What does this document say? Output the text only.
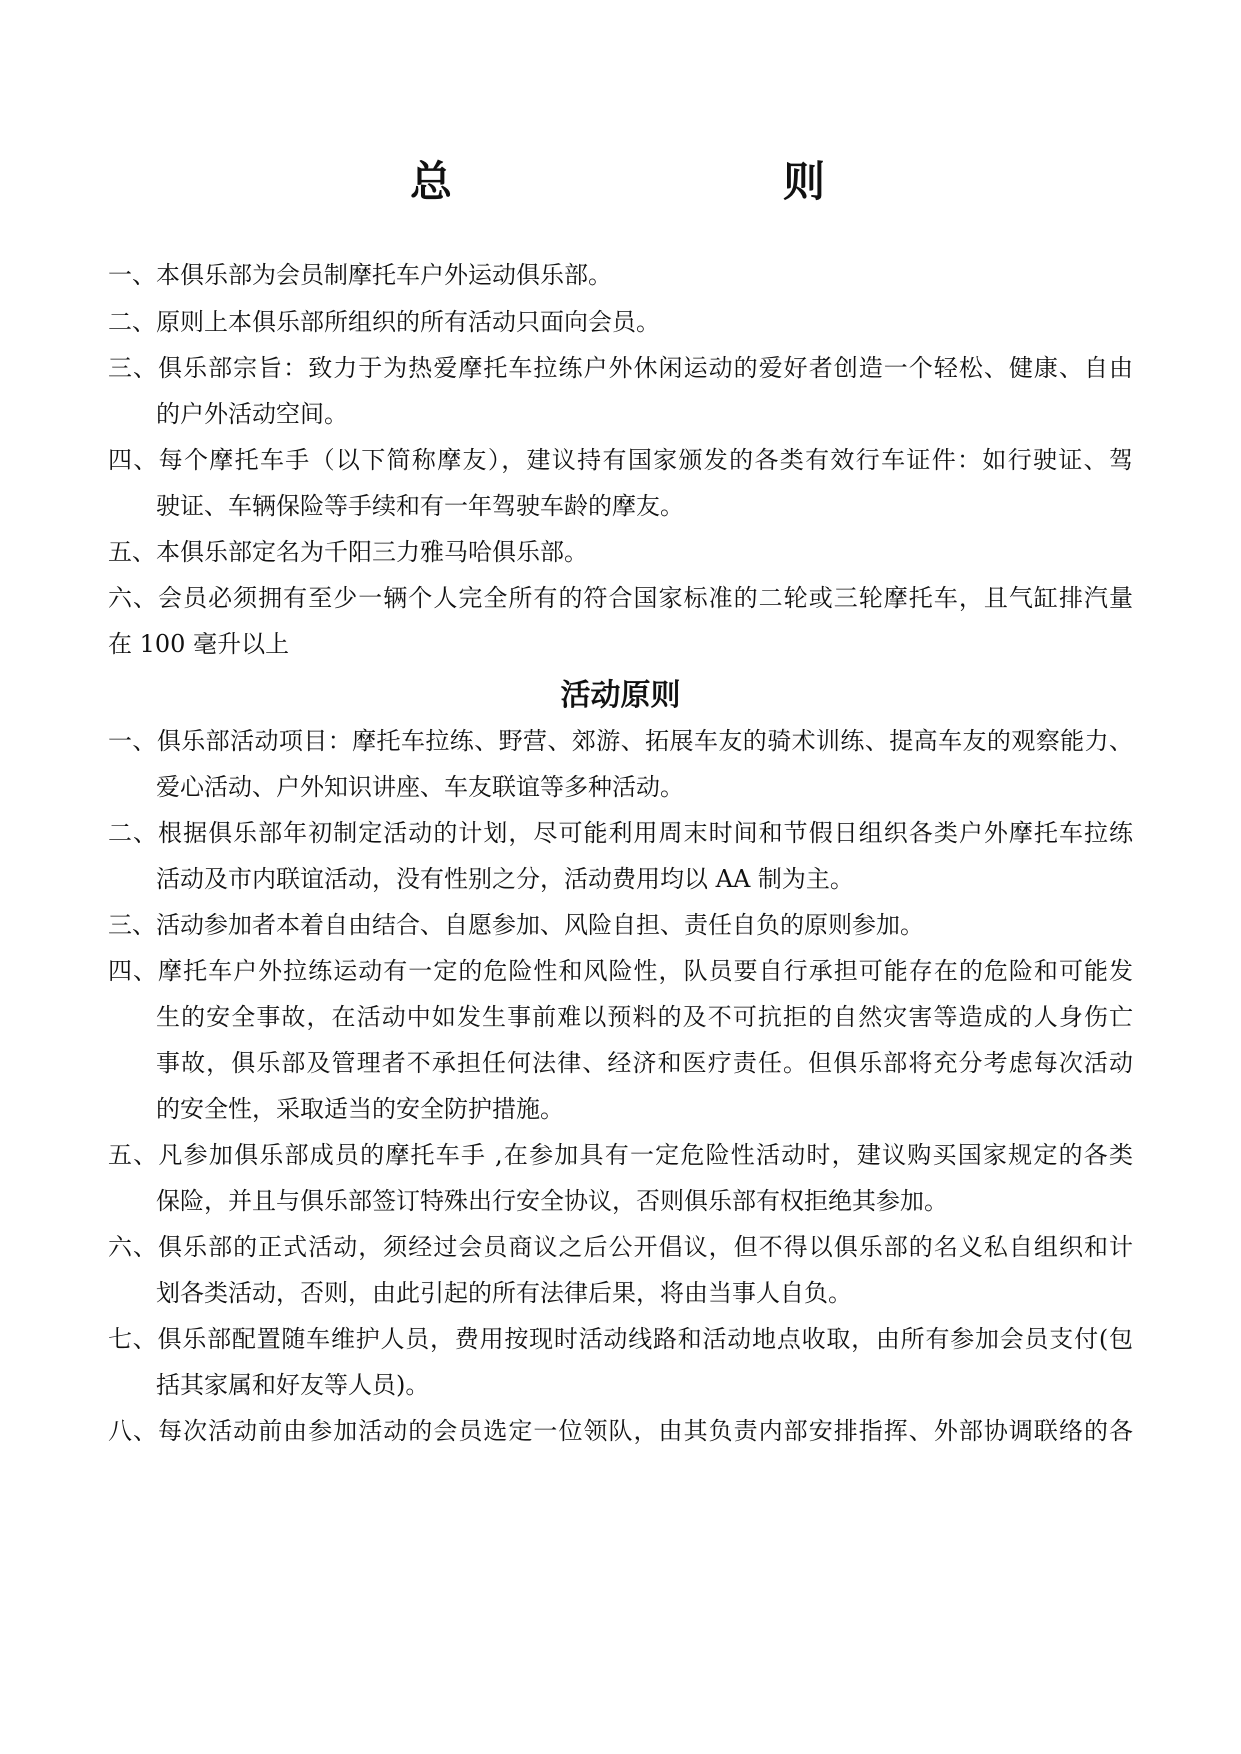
总	则
一、本俱乐部为会员制摩托车户外运动俱乐部。
二、原则上本俱乐部所组织的所有活动只面向会员。
三、俱乐部宗旨：致力于为热爱摩托车拉练户外休闲运动的爱好者创造一个轻松、健康、自由
的户外活动空间。
四、每个摩托车手（以下简称摩友），建议持有国家颁发的各类有效行车证件：如行驶证、驾
驶证、车辆保险等手续和有一年驾驶车龄的摩友。
五、本俱乐部定名为千阳三力雅马哈俱乐部。
六、会员必须拥有至少一辆个人完全所有的符合国家标准的二轮或三轮摩托车，且气缸排汽量
在 100 毫升以上
活动原则
一、俱乐部活动项目：摩托车拉练、野营、郊游、拓展车友的骑术训练、提高车友的观察能力、
爱心活动、户外知识讲座、车友联谊等多种活动。
二、根据俱乐部年初制定活动的计划，尽可能利用周末时间和节假日组织各类户外摩托车拉练
活动及市内联谊活动，没有性别之分，活动费用均以 AA 制为主。
三、活动参加者本着自由结合、自愿参加、风险自担、责任自负的原则参加。
四、摩托车户外拉练运动有一定的危险性和风险性，队员要自行承担可能存在的危险和可能发
生的安全事故，在活动中如发生事前难以预料的及不可抗拒的自然灾害等造成的人身伤亡
事故，俱乐部及管理者不承担任何法律、经济和医疗责任。但俱乐部将充分考虑每次活动
的安全性，采取适当的安全防护措施。
五、凡参加俱乐部成员的摩托车手 ,在参加具有一定危险性活动时，建议购买国家规定的各类
保险，并且与俱乐部签订特殊出行安全协议，否则俱乐部有权拒绝其参加。
六、俱乐部的正式活动，须经过会员商议之后公开倡议，但不得以俱乐部的名义私自组织和计
划各类活动，否则，由此引起的所有法律后果，将由当事人自负。
七、俱乐部配置随车维护人员，费用按现时活动线路和活动地点收取，由所有参加会员支付(包
括其家属和好友等人员)。
八、每次活动前由参加活动的会员选定一位领队，由其负责内部安排指挥、外部协调联络的各
